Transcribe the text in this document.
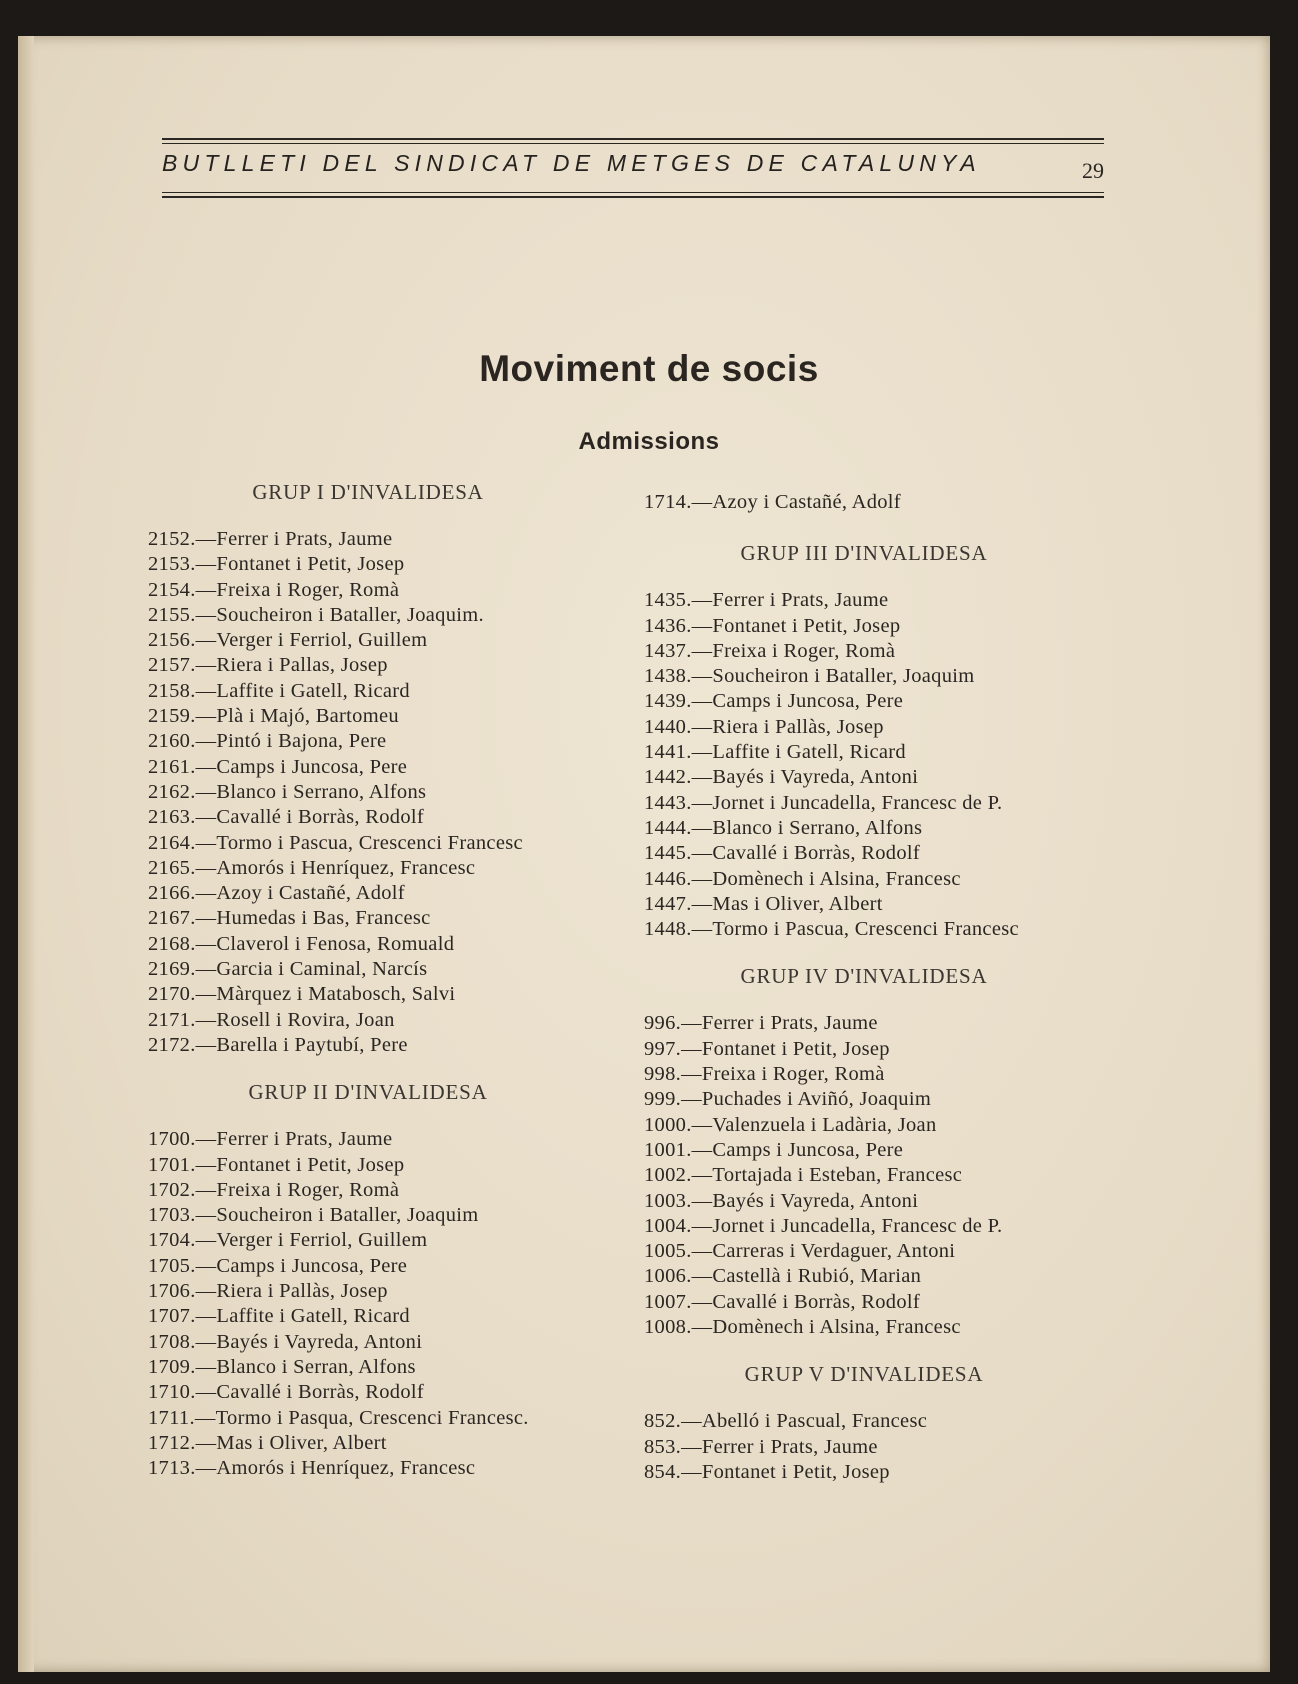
BUTLLETI DEL SINDICAT DE METGES DE CATALUNYA	29
Moviment de socis
Admissions
GRUP I D'INVALIDESA
2152.—Ferrer i Prats, Jaume
2153.—Fontanet i Petit, Josep
2154.—Freixa i Roger, Romà
2155.—Soucheiron i Bataller, Joaquim.
2156.—Verger i Ferriol, Guillem
2157.—Riera i Pallas, Josep
2158.—Laffite i Gatell, Ricard
2159.—Plà i Majó, Bartomeu
2160.—Pintó i Bajona, Pere
2161.—Camps i Juncosa, Pere
2162.—Blanco i Serrano, Alfons
2163.—Cavallé i Borràs, Rodolf
2164.—Tormo i Pascua, Crescenci Francesc
2165.—Amorós i Henríquez, Francesc
2166.—Azoy i Castañé, Adolf
2167.—Humedas i Bas, Francesc
2168.—Claverol i Fenosa, Romuald
2169.—Garcia i Caminal, Narcís
2170.—Màrquez i Matabosch, Salvi
2171.—Rosell i Rovira, Joan
2172.—Barella i Paytubí, Pere
GRUP II D'INVALIDESA
1700.—Ferrer i Prats, Jaume
1701.—Fontanet i Petit, Josep
1702.—Freixa i Roger, Romà
1703.—Soucheiron i Bataller, Joaquim
1704.—Verger i Ferriol, Guillem
1705.—Camps i Juncosa, Pere
1706.—Riera i Pallàs, Josep
1707.—Laffite i Gatell, Ricard
1708.—Bayés i Vayreda, Antoni
1709.—Blanco i Serran, Alfons
1710.—Cavallé i Borràs, Rodolf
1711.—Tormo i Pasqua, Crescenci Francesc.
1712.—Mas i Oliver, Albert
1713.—Amorós i Henríquez, Francesc
1714.—Azoy i Castañé, Adolf
GRUP III D'INVALIDESA
1435.—Ferrer i Prats, Jaume
1436.—Fontanet i Petit, Josep
1437.—Freixa i Roger, Romà
1438.—Soucheiron i Bataller, Joaquim
1439.—Camps i Juncosa, Pere
1440.—Riera i Pallàs, Josep
1441.—Laffite i Gatell, Ricard
1442.—Bayés i Vayreda, Antoni
1443.—Jornet i Juncadella, Francesc de P.
1444.—Blanco i Serrano, Alfons
1445.—Cavallé i Borràs, Rodolf
1446.—Domènech i Alsina, Francesc
1447.—Mas i Oliver, Albert
1448.—Tormo i Pascua, Crescenci Francesc
GRUP IV D'INVALIDESA
996.—Ferrer i Prats, Jaume
997.—Fontanet i Petit, Josep
998.—Freixa i Roger, Romà
999.—Puchades i Aviñó, Joaquim
1000.—Valenzuela i Ladària, Joan
1001.—Camps i Juncosa, Pere
1002.—Tortajada i Esteban, Francesc
1003.—Bayés i Vayreda, Antoni
1004.—Jornet i Juncadella, Francesc de P.
1005.—Carreras i Verdaguer, Antoni
1006.—Castellà i Rubió, Marian
1007.—Cavallé i Borràs, Rodolf
1008.—Domènech i Alsina, Francesc
GRUP V D'INVALIDESA
852.—Abelló i Pascual, Francesc
853.—Ferrer i Prats, Jaume
854.—Fontanet i Petit, Josep
